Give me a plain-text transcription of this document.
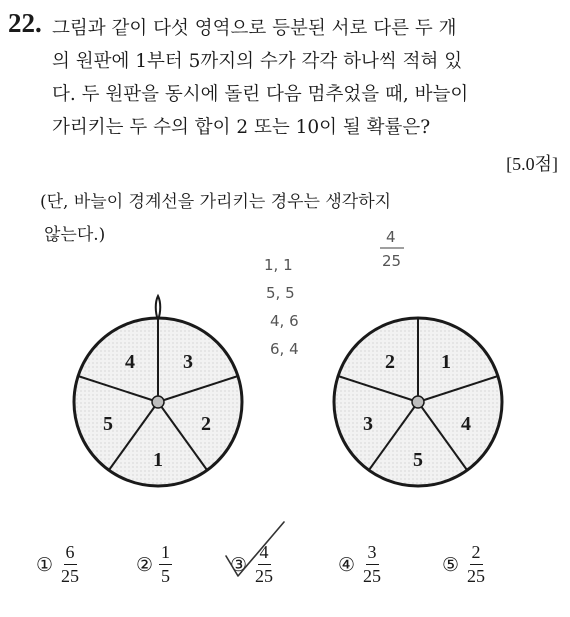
22. 그림과 같이 다섯 영역으로 등분된 서로 다른 두 개
의 원판에 1부터 5까지의 수가 각각 하나씩 적혀 있
다. 두 원판을 동시에 돌린 다음 멈추었을 때, 바늘이
가리키는 두 수의 합이 2 또는 10이 될 확률은?
[5.0점]
(단, 바늘이 경계선을 가리키는 경우는 생각하지
않는다.)
3
2
1
5
4	1
4
5
3
2
1, 1
5, 5
4, 6
6, 4
4
25
① $\frac{6}{25}$	② $\frac{1}{5}$	③ $\frac{4}{25}$	④ $\frac{3}{25}$	⑤ $\frac{2}{25}$
